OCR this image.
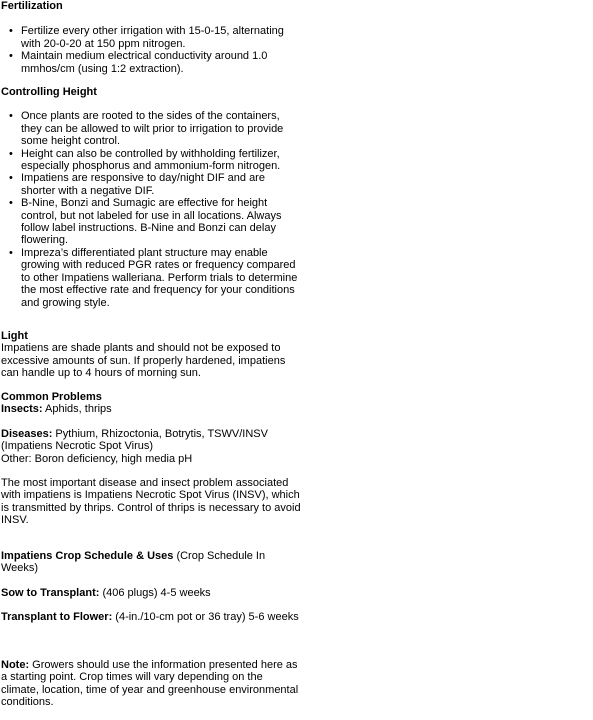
Fertilization

• Fertilize every other irrigation with 15-0-15, alternating with 20-0-20 at 150 ppm nitrogen.
• Maintain medium electrical conductivity around 1.0 mmhos/cm (using 1:2 extraction).

Controlling Height

• Once plants are rooted to the sides of the containers, they can be allowed to wilt prior to irrigation to provide some height control.
• Height can also be controlled by withholding fertilizer, especially phosphorus and ammonium-form nitrogen.
• Impatiens are responsive to day/night DIF and are shorter with a negative DIF.
• B-Nine, Bonzi and Sumagic are effective for height control, but not labeled for use in all locations. Always follow label instructions. B-Nine and Bonzi can delay flowering.
• Impreza’s differentiated plant structure may enable growing with reduced PGR rates or frequency compared to other Impatiens walleriana. Perform trials to determine the most effective rate and frequency for your conditions and growing style.

Light

Impatiens are shade plants and should not be exposed to excessive amounts of sun. If properly hardened, impatiens can handle up to 4 hours of morning sun.

Common Problems

Insects: Aphids, thrips

Diseases: Pythium, Rhizoctonia, Botrytis, TSWV/INSV (Impatiens Necrotic Spot Virus)

Other: Boron deficiency, high media pH

The most important disease and insect problem associated with impatiens is Impatiens Necrotic Spot Virus (INSV), which is transmitted by thrips. Control of thrips is necessary to avoid INSV.

Impatiens Crop Schedule & Uses (Crop Schedule In Weeks)

Sow to Transplant: (406 plugs) 4-5 weeks

Transplant to Flower: (4-in./10-cm pot or 36 tray) 5-6 weeks

Note: Growers should use the information presented here as a starting point. Crop times will vary depending on the climate, location, time of year and greenhouse environmental conditions.
